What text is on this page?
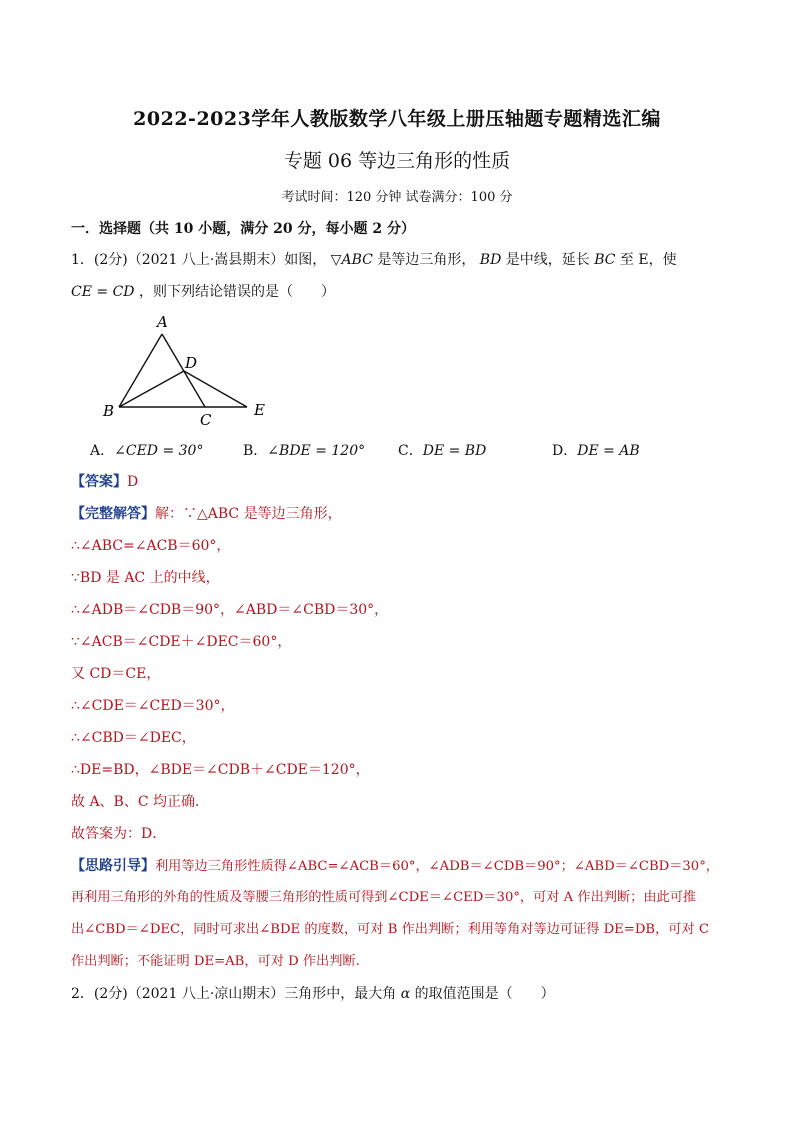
2022-2023学年人教版数学八年级上册压轴题专题精选汇编
专题 06 等边三角形的性质
考试时间：120 分钟 试卷满分：100 分
一．选择题（共 10 小题，满分 20 分，每小题 2 分）
1．(2分)（2021 八上·嵩县期末）如图， ▽ABC 是等边三角形， BD 是中线，延长 BC 至 E，使
CE = CD ，则下列结论错误的是（　　）
A
B	C
D
E
A．∠CED = 30°	B．∠BDE = 120° C．DE = BD	D．DE = AB
【答案】D
【完整解答】解：∵△ABC 是等边三角形，
∴∠ABC=∠ACB＝60°，
∵BD 是 AC 上的中线，
∴∠ADB＝∠CDB＝90°，∠ABD＝∠CBD＝30°，
∵∠ACB＝∠CDE＋∠DEC＝60°，
又 CD＝CE，
∴∠CDE＝∠CED＝30°，
∴∠CBD＝∠DEC，
∴DE=BD，∠BDE＝∠CDB＋∠CDE＝120°，
故 A、B、C 均正确．
故答案为：D．
【思路引导】利用等边三角形性质得∠ABC=∠ACB＝60°，∠ADB＝∠CDB＝90°；∠ABD＝∠CBD＝30°，
再利用三角形的外角的性质及等腰三角形的性质可得到∠CDE＝∠CED＝30°，可对 A 作出判断；由此可推
出∠CBD＝∠DEC，同时可求出∠BDE 的度数，可对 B 作出判断；利用等角对等边可证得 DE=DB，可对 C
作出判断；不能证明 DE=AB，可对 D 作出判断.
2．(2分)（2021 八上·凉山期末）三角形中，最大角 α 的取值范围是（　　）
